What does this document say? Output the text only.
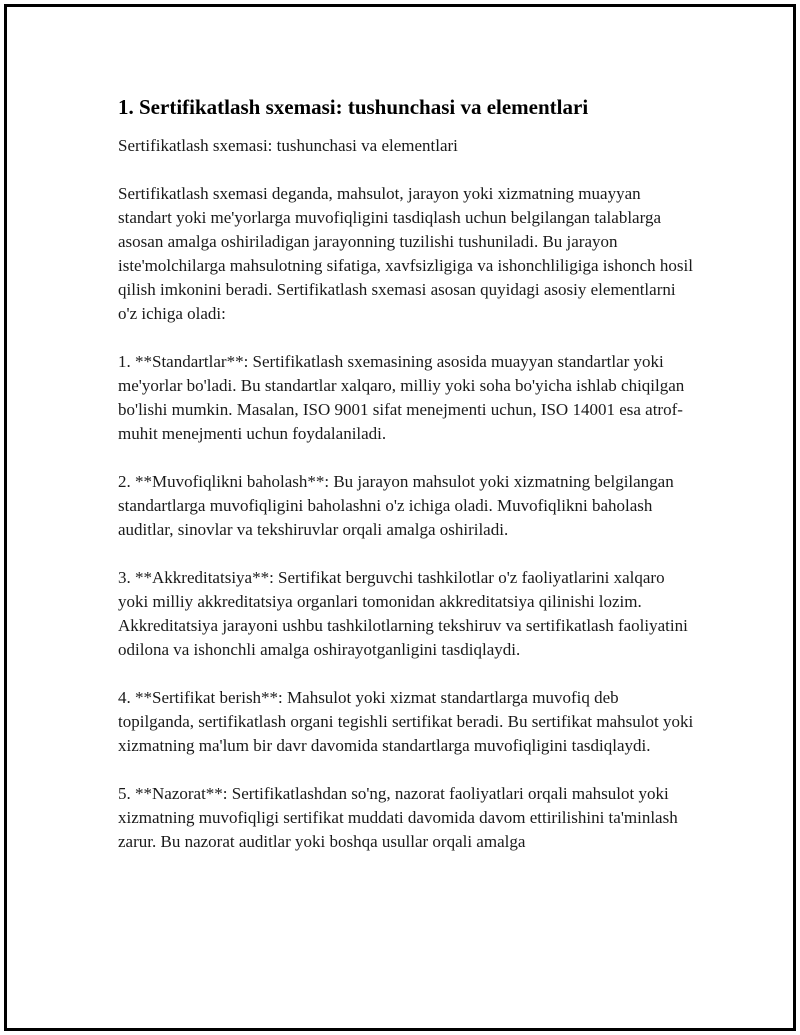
1. Sertifikatlash sxemasi: tushunchasi va elementlari

Sertifikatlash sxemasi: tushunchasi va elementlari

Sertifikatlash sxemasi deganda, mahsulot, jarayon yoki xizmatning muayyan standart yoki me'yorlarga muvofiqligini tasdiqlash uchun belgilangan talablarga asosan amalga oshiriladigan jarayonning tuzilishi tushuniladi. Bu jarayon iste'molchilarga mahsulotning sifatiga, xavfsizligiga va ishonchliligiga ishonch hosil qilish imkonini beradi. Sertifikatlash sxemasi asosan quyidagi asosiy elementlarni o'z ichiga oladi:

1. **Standartlar**: Sertifikatlash sxemasining asosida muayyan standartlar yoki me'yorlar bo'ladi. Bu standartlar xalqaro, milliy yoki soha bo'yicha ishlab chiqilgan bo'lishi mumkin. Masalan, ISO 9001 sifat menejmenti uchun, ISO 14001 esa atrof-muhit menejmenti uchun foydalaniladi.

2. **Muvofiqlikni baholash**: Bu jarayon mahsulot yoki xizmatning belgilangan standartlarga muvofiqligini baholashni o'z ichiga oladi. Muvofiqlikni baholash auditlar, sinovlar va tekshiruvlar orqali amalga oshiriladi.

3. **Akkreditatsiya**: Sertifikat berguvchi tashkilotlar o'z faoliyatlarini xalqaro yoki milliy akkreditatsiya organlari tomonidan akkreditatsiya qilinishi lozim. Akkreditatsiya jarayoni ushbu tashkilotlarning tekshiruv va sertifikatlash faoliyatini odilona va ishonchli amalga oshirayotganligini tasdiqlaydi.

4. **Sertifikat berish**: Mahsulot yoki xizmat standartlarga muvofiq deb topilganda, sertifikatlash organi tegishli sertifikat beradi. Bu sertifikat mahsulot yoki xizmatning ma'lum bir davr davomida standartlarga muvofiqligini tasdiqlaydi.

5. **Nazorat**: Sertifikatlashdan so'ng, nazorat faoliyatlari orqali mahsulot yoki xizmatning muvofiqligi sertifikat muddati davomida davom ettirilishini ta'minlash zarur. Bu nazorat auditlar yoki boshqa usullar orqali amalga
